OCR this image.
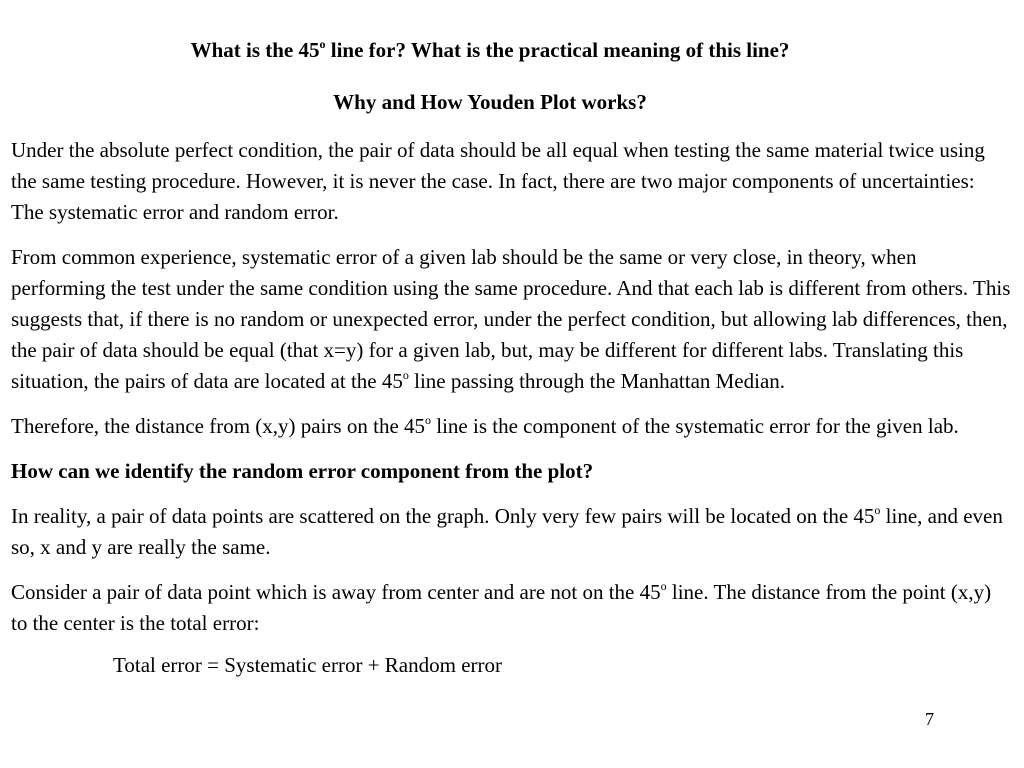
What is the 45$^o$ line for? What is the practical meaning of this line?
Why and How Youden Plot works?

Under the absolute perfect condition, the pair of data should be all equal when testing the same material twice using the same testing procedure. However, it is never the case. In fact, there are two major components of uncertainties: The systematic error and random error.

From common experience, systematic error of a given lab should be the same or very close, in theory, when performing the test under the same condition using the same procedure. And that each lab is different from others. This suggests that, if there is no random or unexpected error, under the perfect condition, but allowing lab differences, then, the pair of data should be equal (that x=y) for a given lab, but, may be different for different labs. Translating this situation, the pairs of data are located at the 45$^o$ line passing through the Manhattan Median.

Therefore, the distance from (x,y) pairs on the 45$^o$ line is the component of the systematic error for the given lab.

How can we identify the random error component from the plot?

In reality, a pair of data points are scattered on the graph. Only very few pairs will be located on the 45$^o$ line, and even so, x and y are really the same.

Consider a pair of data point which is away from center and are not on the 45$^o$ line. The distance from the point (x,y) to the center is the total error:

Total error = Systematic error + Random error

7
